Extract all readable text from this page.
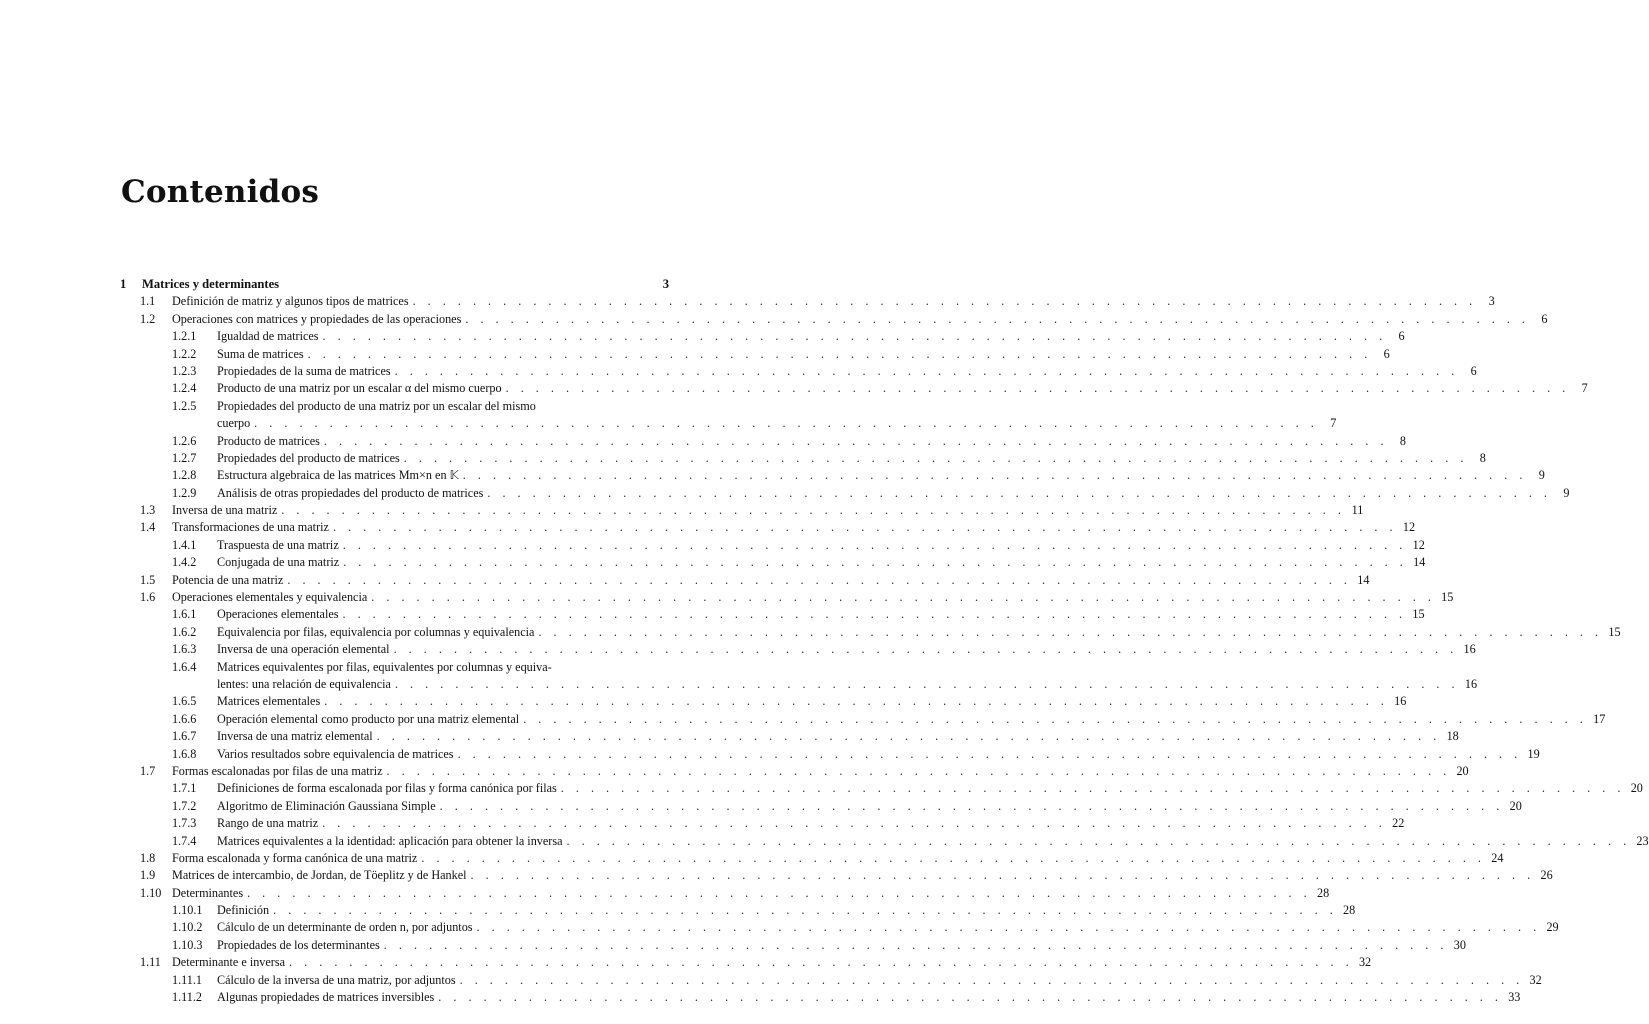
Contenidos
1	Matrices y determinantes	3
1.1	Definición de matriz y algunos tipos de matrices . . .	3
1.2	Operaciones con matrices y propiedades de las operaciones . . .	6
1.2.1	Igualdad de matrices . . .	6
1.2.2	Suma de matrices . . .	6
1.2.3	Propiedades de la suma de matrices . . .	6
1.2.4	Producto de una matriz por un escalar α del mismo cuerpo . . .	7
1.2.5	Propiedades del producto de una matriz por un escalar del mismo
cuerpo . . .	7
1.2.6	Producto de matrices . . .	8
1.2.7	Propiedades del producto de matrices . . .	8
1.2.8	Estructura algebraica de las matrices Mm×n en 𝕂 . . .	9
1.2.9	Análisis de otras propiedades del producto de matrices . . .	9
1.3	Inversa de una matriz . . .	11
1.4	Transformaciones de una matriz . . .	12
1.4.1	Traspuesta de una matriz . . .	12
1.4.2	Conjugada de una matriz . . .	14
1.5	Potencia de una matriz . . .	14
1.6	Operaciones elementales y equivalencia . . .	15
1.6.1	Operaciones elementales . . .	15
1.6.2	Equivalencia por filas, equivalencia por columnas y equivalencia . . .	15
1.6.3	Inversa de una operación elemental . . .	16
1.6.4	Matrices equivalentes por filas, equivalentes por columnas y equiva-
lentes: una relación de equivalencia . . .	16
1.6.5	Matrices elementales . . .	16
1.6.6	Operación elemental como producto por una matriz elemental . . .	17
1.6.7	Inversa de una matriz elemental . . .	18
1.6.8	Varios resultados sobre equivalencia de matrices . . .	19
1.7	Formas escalonadas por filas de una matriz . . .	20
1.7.1	Definiciones de forma escalonada por filas y forma canónica por filas . . .	20
1.7.2	Algoritmo de Eliminación Gaussiana Simple . . .	20
1.7.3	Rango de una matriz . . .	22
1.7.4	Matrices equivalentes a la identidad: aplicación para obtener la inversa . . .	23
1.8	Forma escalonada y forma canónica de una matriz . . .	24
1.9	Matrices de intercambio, de Jordan, de Töeplitz y de Hankel . . .	26
1.10 Determinantes . . .	28
1.10.1	Definición . . .	28
1.10.2	Cálculo de un determinante de orden n, por adjuntos . . .	29
1.10.3	Propiedades de los determinantes . . .	30
1.11 Determinante e inversa . . .	32
1.11.1	Cálculo de la inversa de una matriz, por adjuntos . . .	32
1.11.2	Algunas propiedades de matrices inversibles . . .	33
